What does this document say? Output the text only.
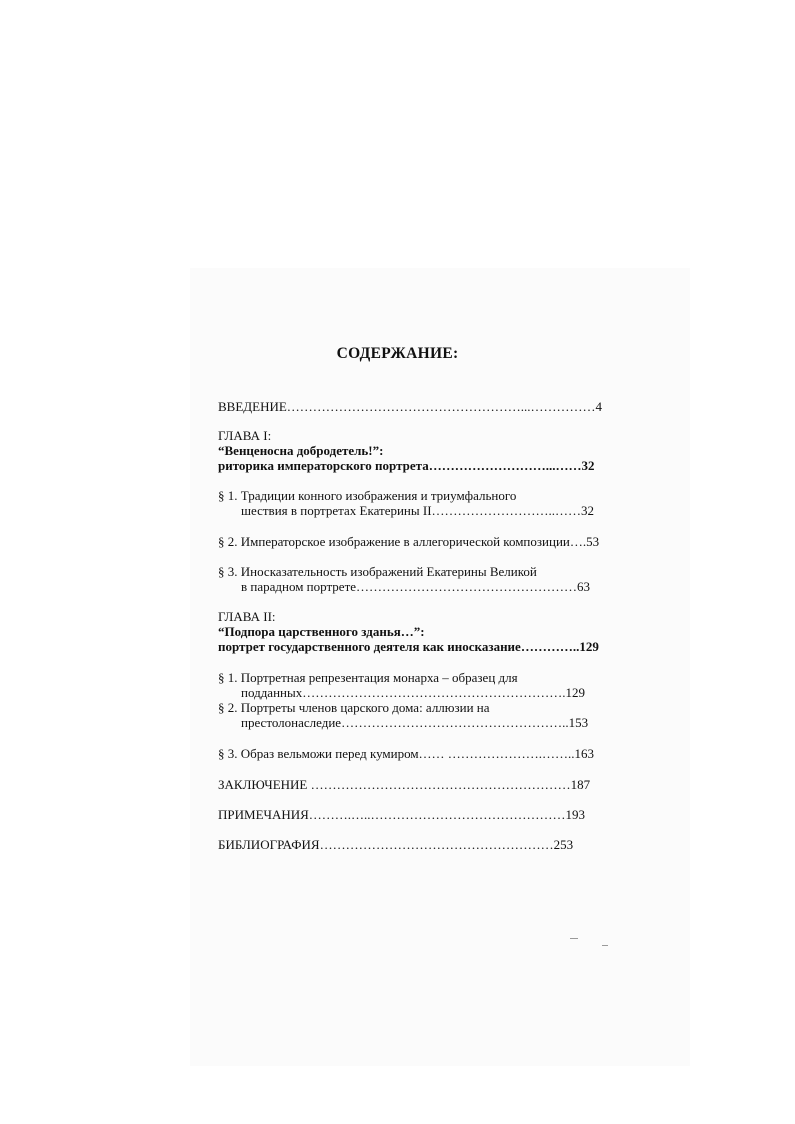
СОДЕРЖАНИЕ:
ВВЕДЕНИЕ………………………………………………...……………4
ГЛАВА I:
“Венценосна добродетель!”:
риторика императорского портрета………………………...……32
§ 1. Традиции конного изображения и триумфального
шествия в портретах Екатерины II………………………..……32
§ 2. Императорское изображение в аллегорической композиции….53
§ 3. Иносказательность изображений Екатерины Великой
в парадном портрете……………………………………………63
ГЛАВА II:
“Подпора царственного зданья…”:
портрет государственного деятеля как иносказание…………..129
§ 1. Портретная репрезентация монарха – образец для
подданных…………………………………………………….129
§ 2. Портреты членов царского дома: аллюзии на
престолонаследие……………………………………………..153
§ 3. Образ вельможи перед кумиром…… ………………….……..163
ЗАКЛЮЧЕНИЕ ……………………………………………………187
ПРИМЕЧАНИЯ……….…..………………………………………193
БИБЛИОГРАФИЯ………………………………………………253
